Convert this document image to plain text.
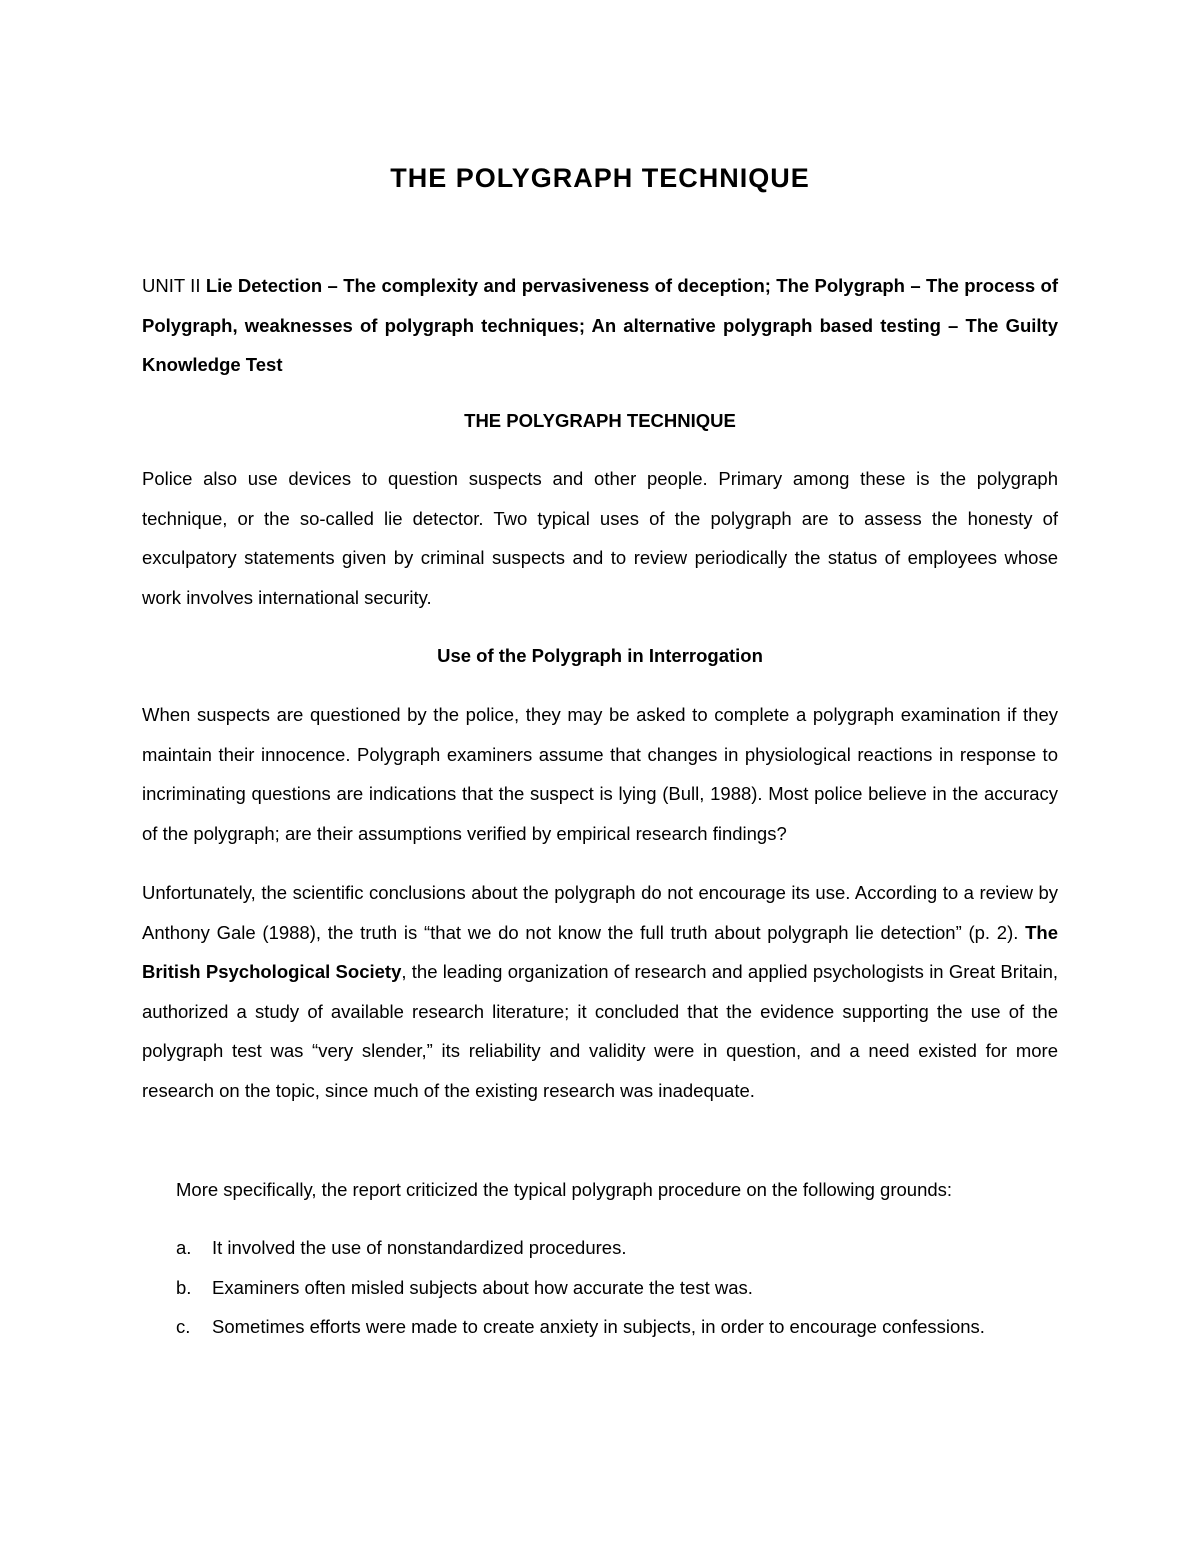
THE POLYGRAPH TECHNIQUE

UNIT II Lie Detection – The complexity and pervasiveness of deception; The Polygraph – The process of Polygraph, weaknesses of polygraph techniques; An alternative polygraph based testing – The Guilty Knowledge Test

THE POLYGRAPH TECHNIQUE

Police also use devices to question suspects and other people. Primary among these is the polygraph technique, or the so-called lie detector. Two typical uses of the polygraph are to assess the honesty of exculpatory statements given by criminal suspects and to review periodically the status of employees whose work involves international security.

Use of the Polygraph in Interrogation

When suspects are questioned by the police, they may be asked to complete a polygraph examination if they maintain their innocence. Polygraph examiners assume that changes in physiological reactions in response to incriminating questions are indications that the suspect is lying (Bull, 1988). Most police believe in the accuracy of the polygraph; are their assumptions verified by empirical research findings?

Unfortunately, the scientific conclusions about the polygraph do not encourage its use. According to a review by Anthony Gale (1988), the truth is “that we do not know the full truth about polygraph lie detection” (p. 2). The British Psychological Society, the leading organization of research and applied psychologists in Great Britain, authorized a study of available research literature; it concluded that the evidence supporting the use of the polygraph test was “very slender,” its reliability and validity were in question, and a need existed for more research on the topic, since much of the existing research was inadequate.

More specifically, the report criticized the typical polygraph procedure on the following grounds:

a.	It involved the use of nonstandardized procedures.
b.	Examiners often misled subjects about how accurate the test was.
c.	Sometimes efforts were made to create anxiety in subjects, in order to encourage confessions.
